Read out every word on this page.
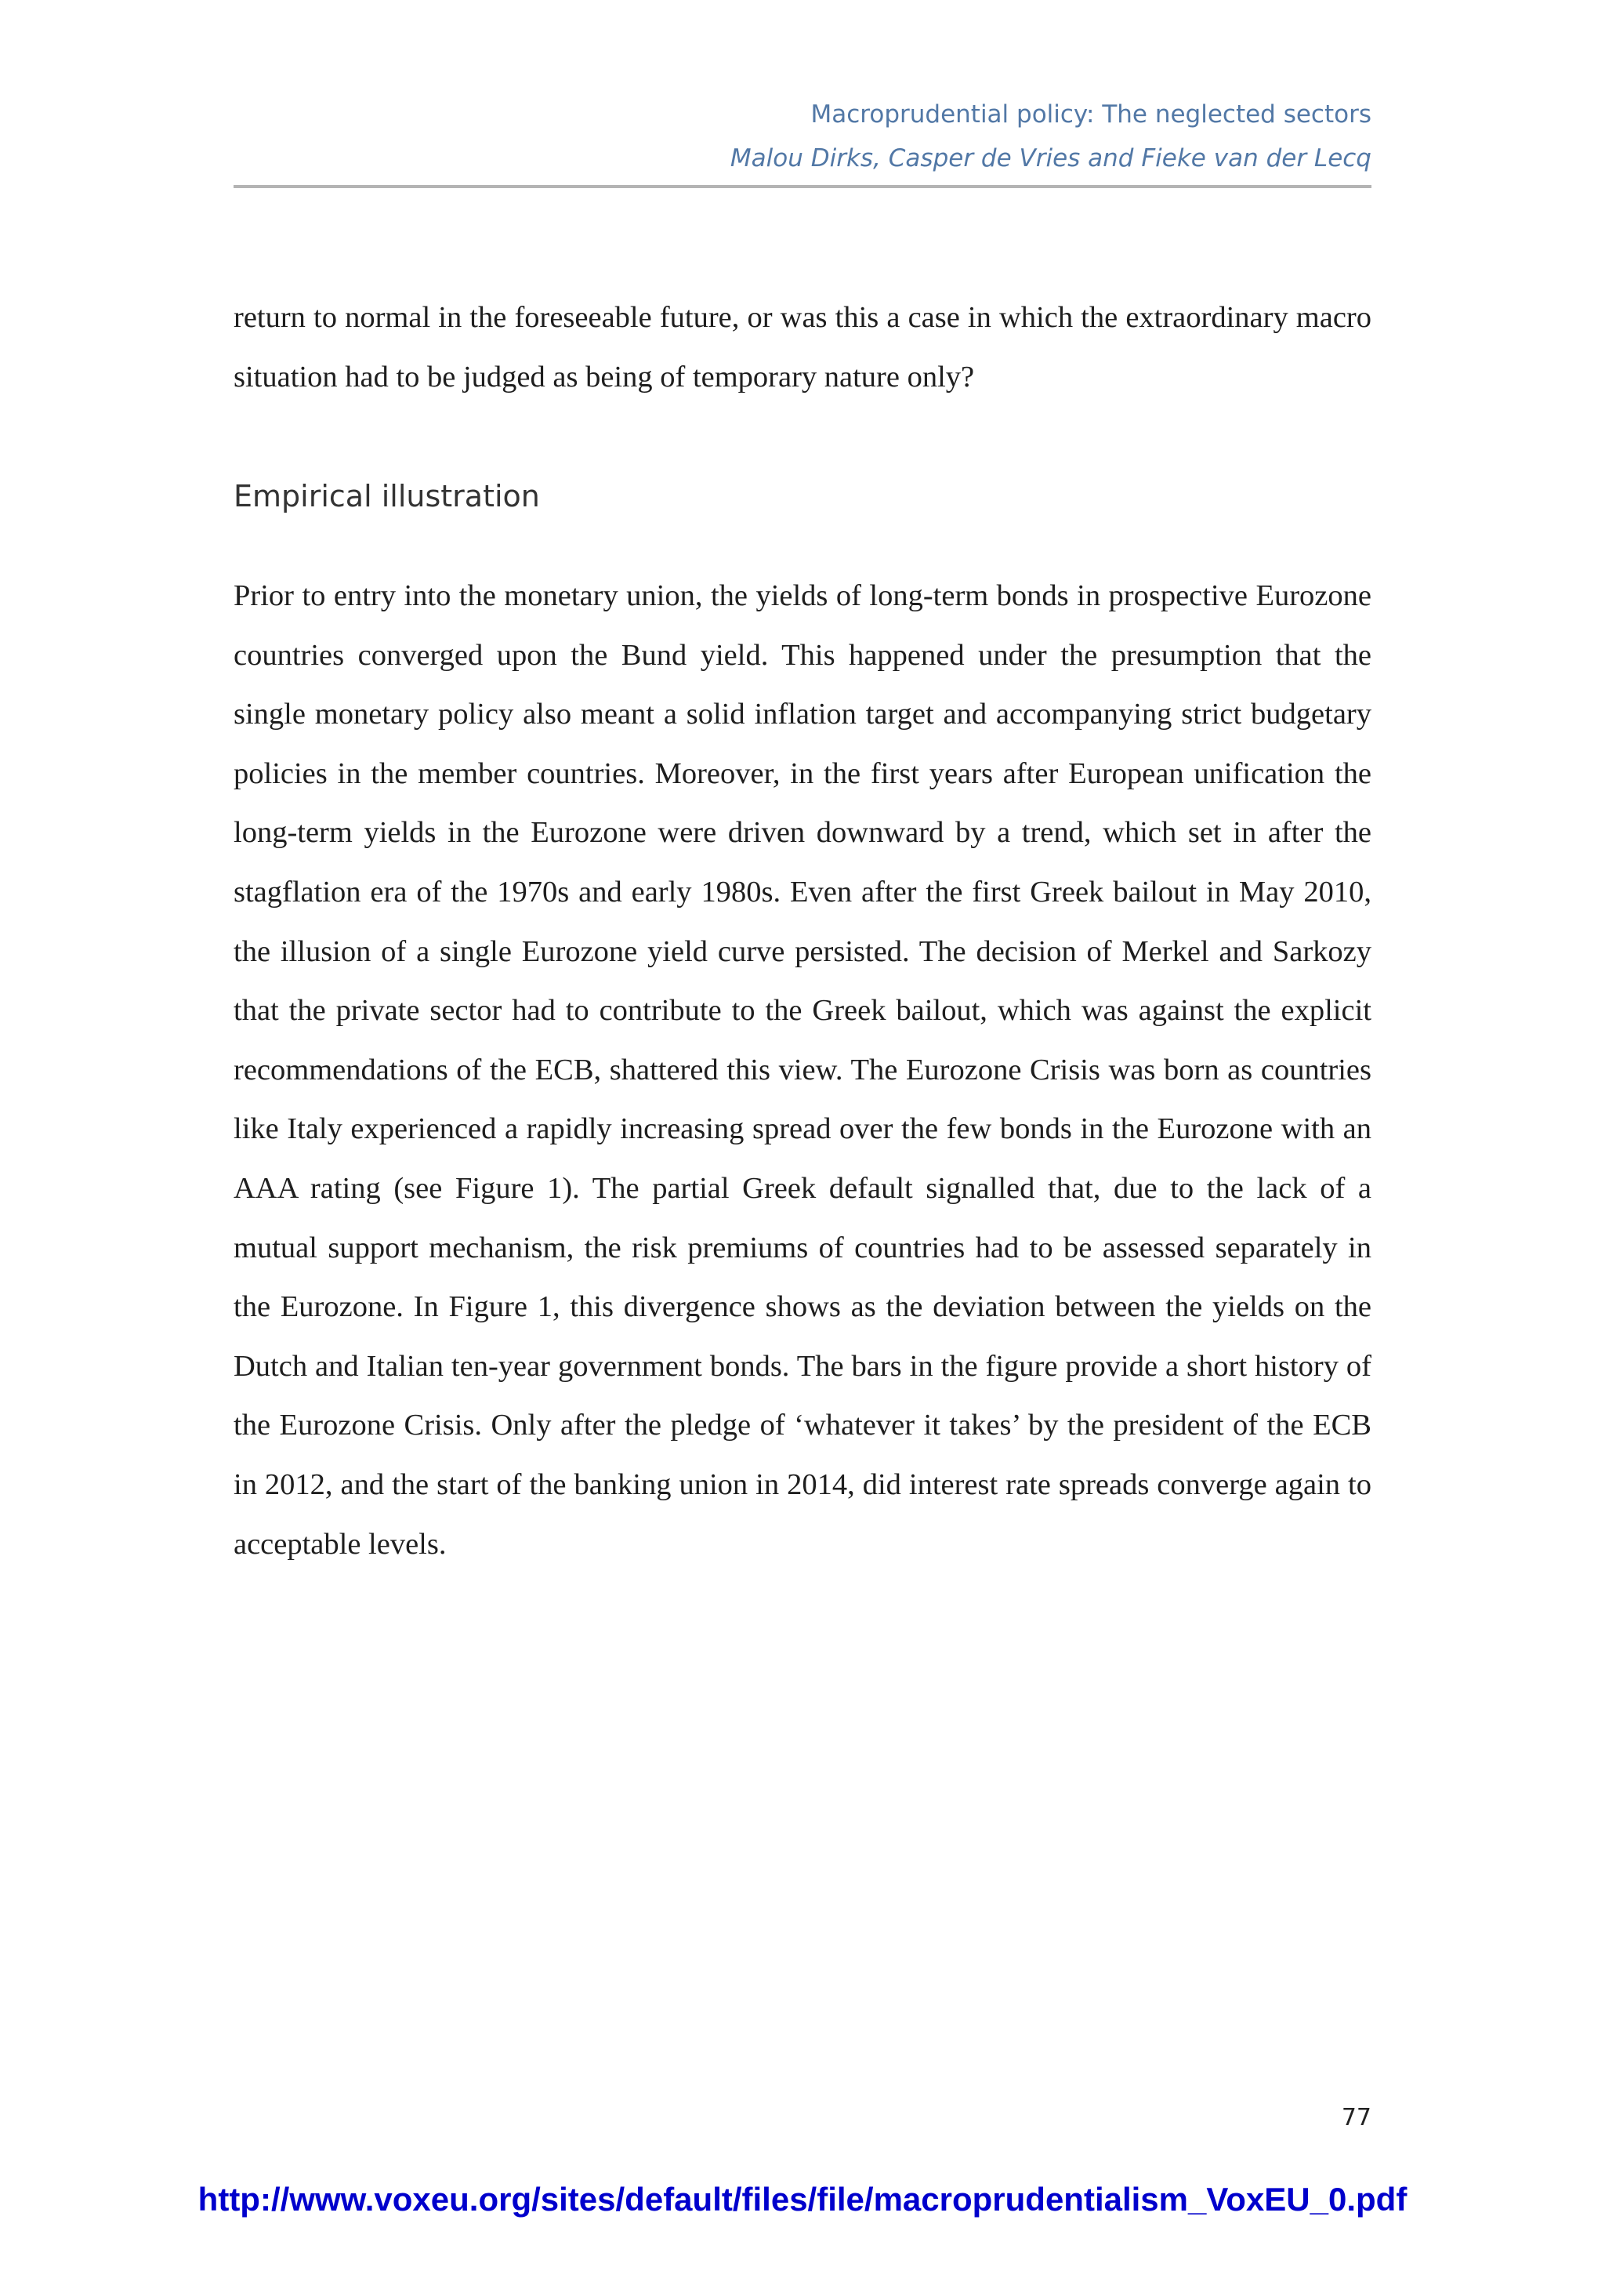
Macroprudential policy: The neglected sectors
Malou Dirks, Casper de Vries and Fieke van der Lecq

return to normal in the foreseeable future, or was this a case in which the extraordinary macro situation had to be judged as being of temporary nature only?

Empirical illustration

Prior to entry into the monetary union, the yields of long-term bonds in prospective Eurozone countries converged upon the Bund yield. This happened under the presumption that the single monetary policy also meant a solid inflation target and accompanying strict budgetary policies in the member countries. Moreover, in the first years after European unification the long-term yields in the Eurozone were driven downward by a trend, which set in after the stagflation era of the 1970s and early 1980s. Even after the first Greek bailout in May 2010, the illusion of a single Eurozone yield curve persisted. The decision of Merkel and Sarkozy that the private sector had to contribute to the Greek bailout, which was against the explicit recommendations of the ECB, shattered this view. The Eurozone Crisis was born as countries like Italy experienced a rapidly increasing spread over the few bonds in the Eurozone with an AAA rating (see Figure 1). The partial Greek default signalled that, due to the lack of a mutual support mechanism, the risk premiums of countries had to be assessed separately in the Eurozone. In Figure 1, this divergence shows as the deviation between the yields on the Dutch and Italian ten-year government bonds. The bars in the figure provide a short history of the Eurozone Crisis. Only after the pledge of ‘whatever it takes’ by the president of the ECB in 2012, and the start of the banking union in 2014, did interest rate spreads converge again to acceptable levels.

77
http://www.voxeu.org/sites/default/files/file/macroprudentialism_VoxEU_0.pdf
